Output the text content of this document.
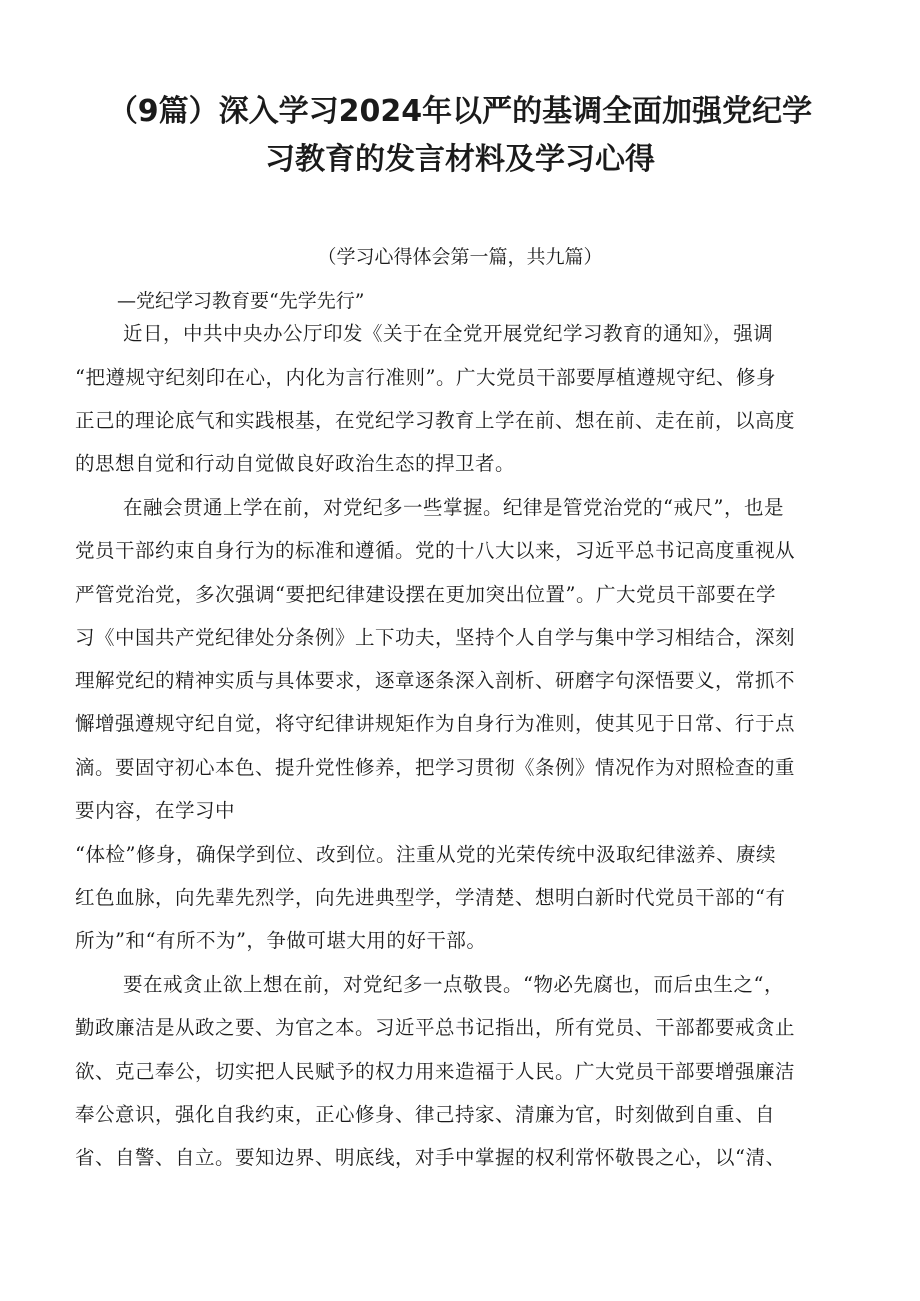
（9篇）深入学习2024年以严的基调全面加强党纪学
习教育的发言材料及学习心得
（学习心得体会第一篇，共九篇）
—党纪学习教育要“先学先行”
近日，中共中央办公厅印发《关于在全党开展党纪学习教育的通知》，强调
“把遵规守纪刻印在心，内化为言行准则”。广大党员干部要厚植遵规守纪、修身
正己的理论底气和实践根基，在党纪学习教育上学在前、想在前、走在前，以高度
的思想自觉和行动自觉做良好政治生态的捍卫者。
在融会贯通上学在前，对党纪多一些掌握。纪律是管党治党的“戒尺”，也是
党员干部约束自身行为的标准和遵循。党的十八大以来，习近平总书记高度重视从
严管党治党，多次强调“要把纪律建设摆在更加突出位置”。广大党员干部要在学
习《中国共产党纪律处分条例》上下功夫，坚持个人自学与集中学习相结合，深刻
理解党纪的精神实质与具体要求，逐章逐条深入剖析、研磨字句深悟要义，常抓不
懈增强遵规守纪自觉，将守纪律讲规矩作为自身行为准则，使其见于日常、行于点
滴。要固守初心本色、提升党性修养，把学习贯彻《条例》情况作为对照检查的重
要内容，在学习中
“体检”修身，确保学到位、改到位。注重从党的光荣传统中汲取纪律滋养、赓续
红色血脉，向先辈先烈学，向先进典型学，学清楚、想明白新时代党员干部的“有
所为”和“有所不为”，争做可堪大用的好干部。
要在戒贪止欲上想在前，对党纪多一点敬畏。“物必先腐也，而后虫生之“，
勤政廉洁是从政之要、为官之本。习近平总书记指出，所有党员、干部都要戒贪止
欲、克己奉公，切实把人民赋予的权力用来造福于人民。广大党员干部要增强廉洁
奉公意识，强化自我约束，正心修身、律己持家、清廉为官，时刻做到自重、自
省、自警、自立。要知边界、明底线，对手中掌握的权利常怀敬畏之心，以“清、
